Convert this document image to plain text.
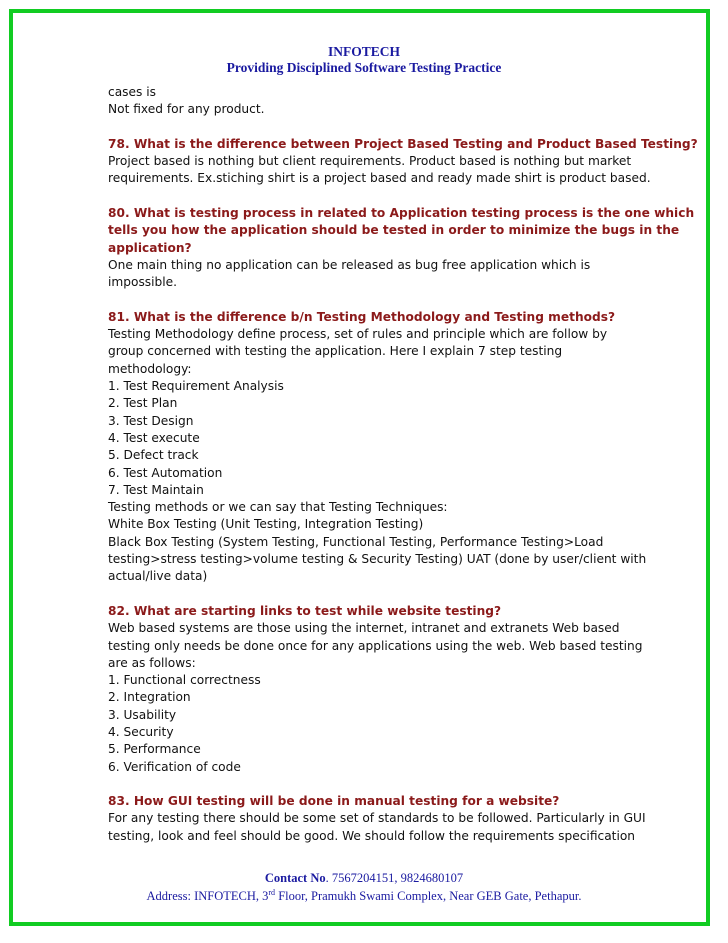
INFOTECH
Providing Disciplined Software Testing Practice
cases is
Not fixed for any product.
78. What is the difference between Project Based Testing and Product Based Testing?
Project based is nothing but client requirements. Product based is nothing but market
requirements. Ex.stiching shirt is a project based and ready made shirt is product based.
80. What is testing process in related to Application testing process is the one which
tells you how the application should be tested in order to minimize the bugs in the
application?
One main thing no application can be released as bug free application which is
impossible.
81. What is the difference b/n Testing Methodology and Testing methods?
Testing Methodology define process, set of rules and principle which are follow by
group concerned with testing the application. Here I explain 7 step testing
methodology:
1. Test Requirement Analysis
2. Test Plan
3. Test Design
4. Test execute
5. Defect track
6. Test Automation
7. Test Maintain
Testing methods or we can say that Testing Techniques:
White Box Testing (Unit Testing, Integration Testing)
Black Box Testing (System Testing, Functional Testing, Performance Testing>Load
testing>stress testing>volume testing & Security Testing) UAT (done by user/client with
actual/live data)
82. What are starting links to test while website testing?
Web based systems are those using the internet, intranet and extranets Web based
testing only needs be done once for any applications using the web. Web based testing
are as follows:
1. Functional correctness
2. Integration
3. Usability
4. Security
5. Performance
6. Verification of code
83. How GUI testing will be done in manual testing for a website?
For any testing there should be some set of standards to be followed. Particularly in GUI
testing, look and feel should be good. We should follow the requirements specification
Contact No. 7567204151, 9824680107
Address: INFOTECH, 3rd Floor, Pramukh Swami Complex, Near GEB Gate, Pethapur.
